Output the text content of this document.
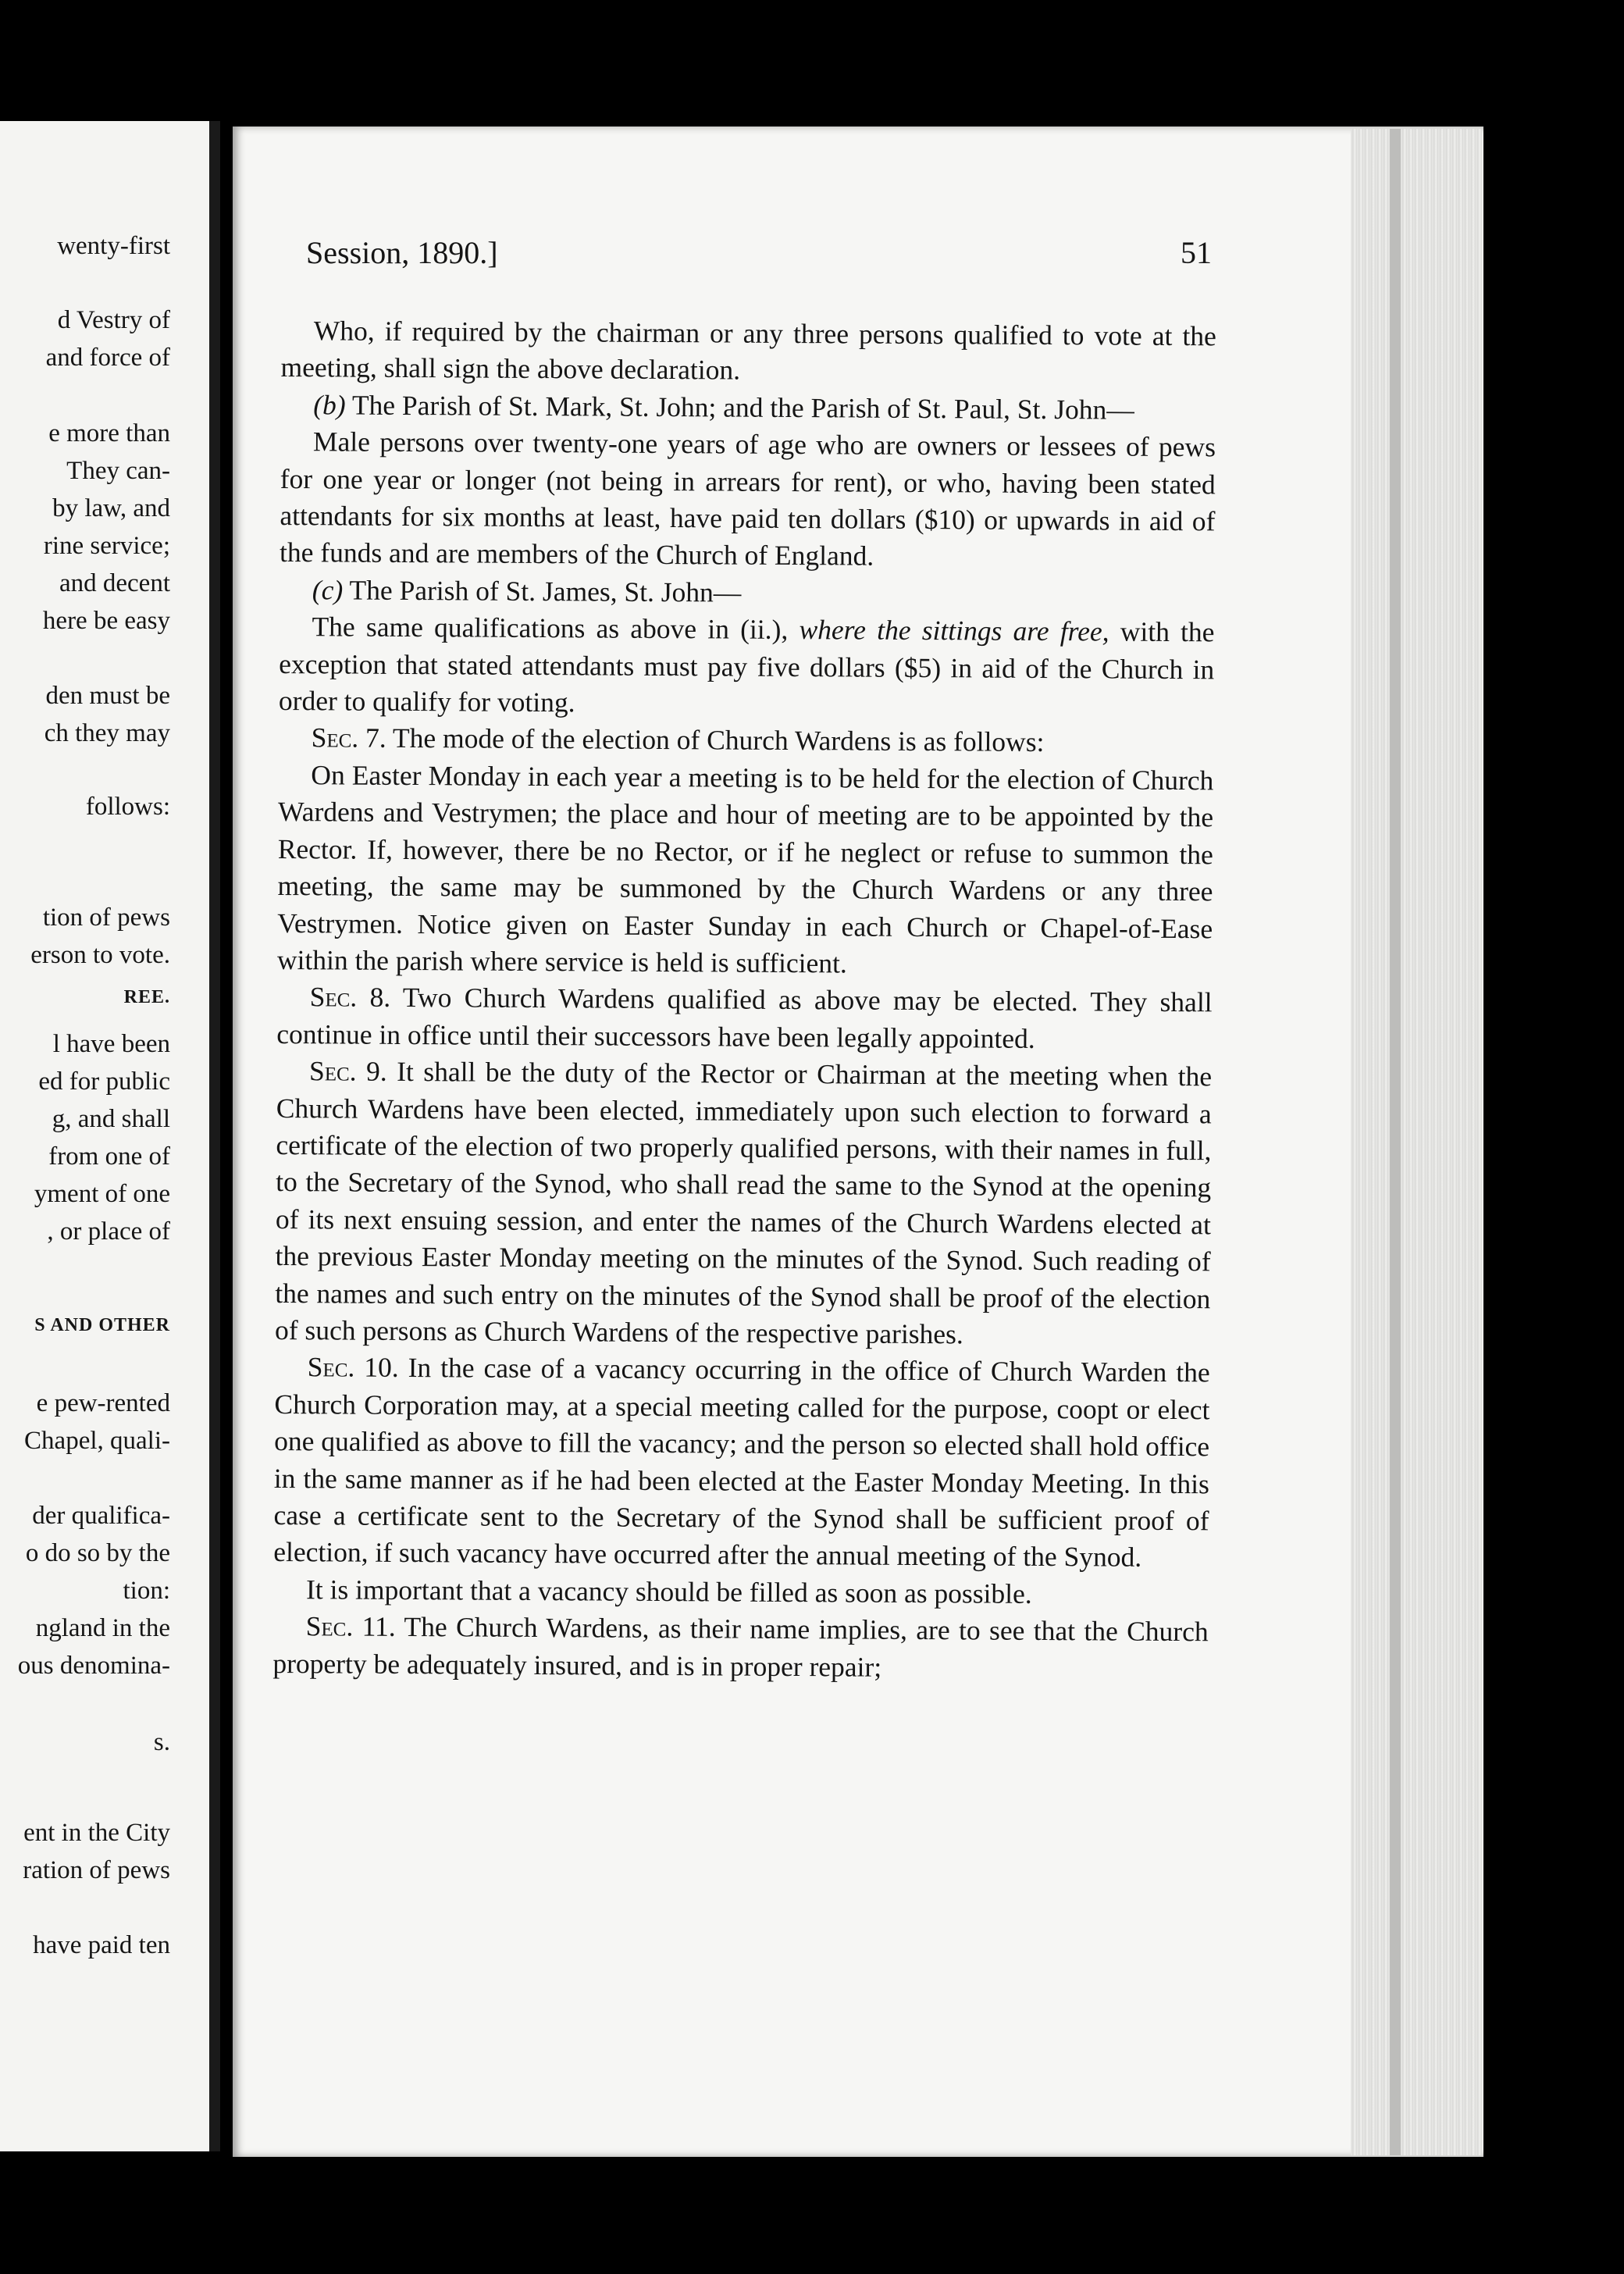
wenty-first
d Vestry of
and force of
e more than
They can-
by law, and
rine service;
and decent
here be easy
den must be
ch they may
follows:
tion of pews
erson to vote.
REE.
l have been
ed for public
g, and shall
from one of
yment of one
, or place of
S AND OTHER
e pew-rented
Chapel, quali-
der qualifica-
o do so by the
tion:
ngland in the
ous denomina-
s.
ent in the City
ration of pews
have paid ten
Session, 1890.]	51

Who, if required by the chairman or any three persons qualified to vote at the meeting, shall sign the above declaration.

(b) The Parish of St. Mark, St. John; and the Parish of St. Paul, St. John—

Male persons over twenty-one years of age who are owners or lessees of pews for one year or longer (not being in arrears for rent), or who, having been stated attendants for six months at least, have paid ten dollars ($10) or upwards in aid of the funds and are members of the Church of England.

(c) The Parish of St. James, St. John—

The same qualifications as above in (ii.), where the sittings are free, with the exception that stated attendants must pay five dollars ($5) in aid of the Church in order to qualify for voting.

Sec. 7. The mode of the election of Church Wardens is as follows:

On Easter Monday in each year a meeting is to be held for the election of Church Wardens and Vestrymen; the place and hour of meeting are to be appointed by the Rector. If, however, there be no Rector, or if he neglect or refuse to summon the meeting, the same may be summoned by the Church Wardens or any three Vestrymen. Notice given on Easter Sunday in each Church or Chapel-of-Ease within the parish where service is held is sufficient.

Sec. 8. Two Church Wardens qualified as above may be elected. They shall continue in office until their successors have been legally appointed.

Sec. 9. It shall be the duty of the Rector or Chairman at the meeting when the Church Wardens have been elected, immediately upon such election to forward a certificate of the election of two properly qualified persons, with their names in full, to the Secretary of the Synod, who shall read the same to the Synod at the opening of its next ensuing session, and enter the names of the Church Wardens elected at the previous Easter Monday meeting on the minutes of the Synod. Such reading of the names and such entry on the minutes of the Synod shall be proof of the election of such persons as Church Wardens of the respective parishes.

Sec. 10. In the case of a vacancy occurring in the office of Church Warden the Church Corporation may, at a special meeting called for the purpose, coopt or elect one qualified as above to fill the vacancy; and the person so elected shall hold office in the same manner as if he had been elected at the Easter Monday Meeting. In this case a certificate sent to the Secretary of the Synod shall be sufficient proof of election, if such vacancy have occurred after the annual meeting of the Synod.

It is important that a vacancy should be filled as soon as possible.

Sec. 11. The Church Wardens, as their name implies, are to see that the Church property be adequately insured, and is in proper repair;
